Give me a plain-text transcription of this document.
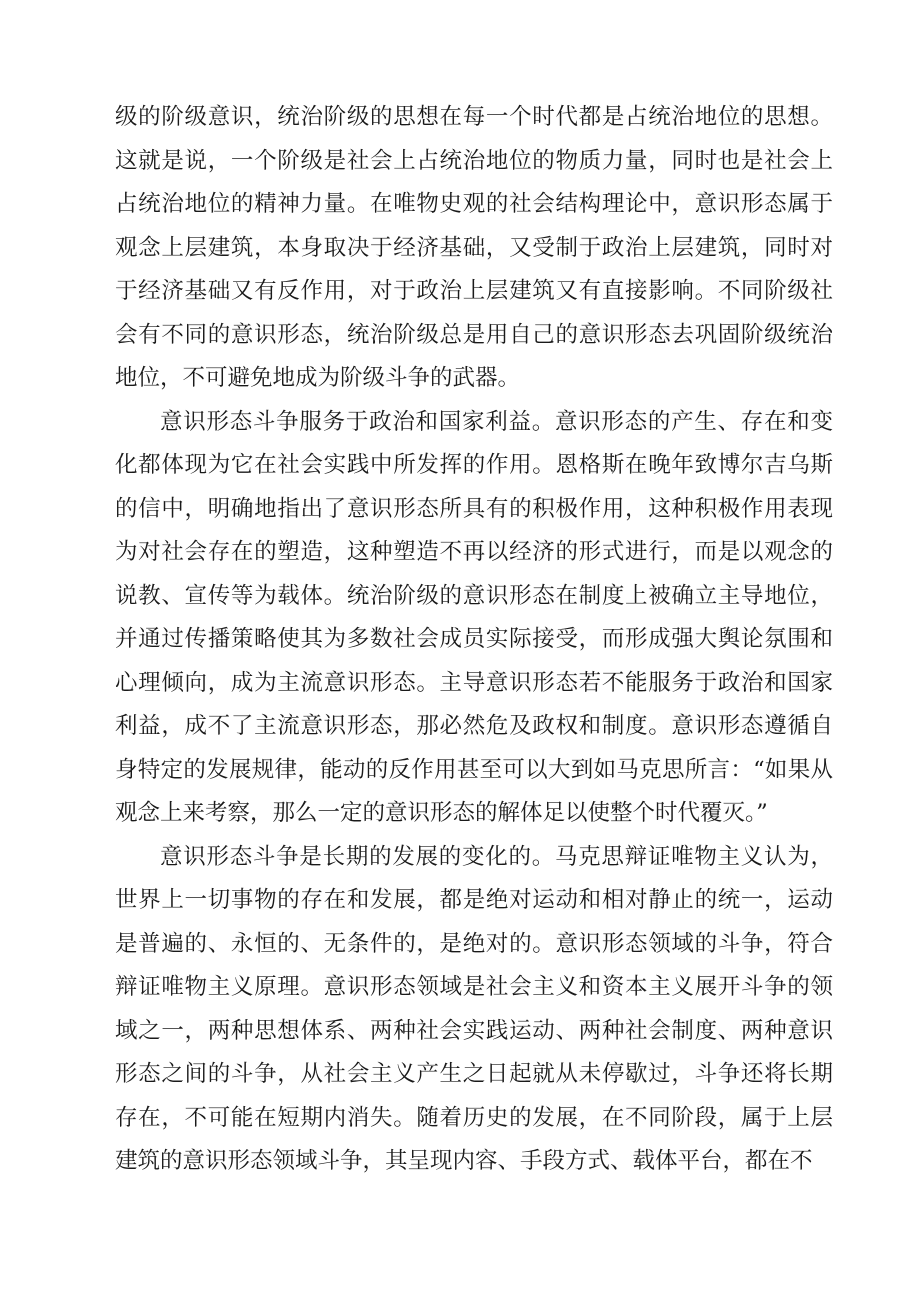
级的阶级意识，统治阶级的思想在每一个时代都是占统治地位的思想。这就是说，一个阶级是社会上占统治地位的物质力量，同时也是社会上占统治地位的精神力量。在唯物史观的社会结构理论中，意识形态属于观念上层建筑，本身取决于经济基础，又受制于政治上层建筑，同时对于经济基础又有反作用，对于政治上层建筑又有直接影响。不同阶级社会有不同的意识形态，统治阶级总是用自己的意识形态去巩固阶级统治地位，不可避免地成为阶级斗争的武器。

意识形态斗争服务于政治和国家利益。意识形态的产生、存在和变化都体现为它在社会实践中所发挥的作用。恩格斯在晚年致博尔吉乌斯的信中，明确地指出了意识形态所具有的积极作用，这种积极作用表现为对社会存在的塑造，这种塑造不再以经济的形式进行，而是以观念的说教、宣传等为载体。统治阶级的意识形态在制度上被确立主导地位，并通过传播策略使其为多数社会成员实际接受，而形成强大舆论氛围和心理倾向，成为主流意识形态。主导意识形态若不能服务于政治和国家利益，成不了主流意识形态，那必然危及政权和制度。意识形态遵循自身特定的发展规律，能动的反作用甚至可以大到如马克思所言：“如果从观念上来考察，那么一定的意识形态的解体足以使整个时代覆灭。”

意识形态斗争是长期的发展的变化的。马克思辩证唯物主义认为，世界上一切事物的存在和发展，都是绝对运动和相对静止的统一，运动是普遍的、永恒的、无条件的，是绝对的。意识形态领域的斗争，符合辩证唯物主义原理。意识形态领域是社会主义和资本主义展开斗争的领域之一，两种思想体系、两种社会实践运动、两种社会制度、两种意识形态之间的斗争，从社会主义产生之日起就从未停歇过，斗争还将长期存在，不可能在短期内消失。随着历史的发展，在不同阶段，属于上层建筑的意识形态领域斗争，其呈现内容、手段方式、载体平台，都在不
